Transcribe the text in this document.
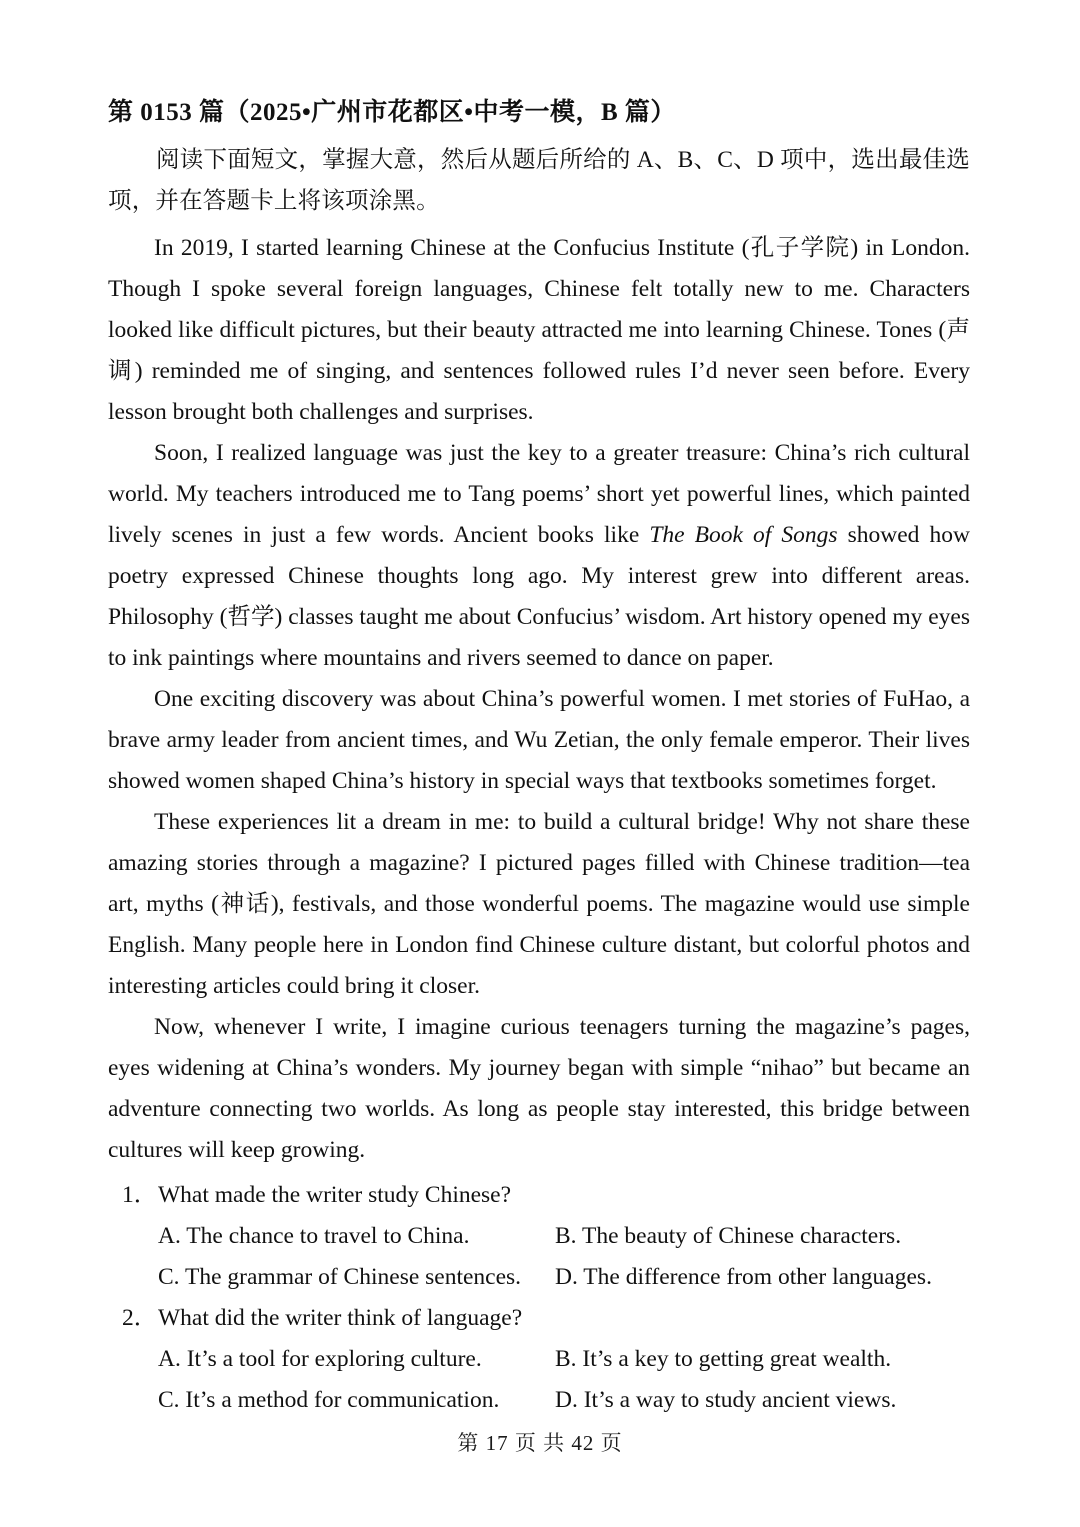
第 0153 篇（2025•广州市花都区•中考一模，B 篇）

阅读下面短文，掌握大意，然后从题后所给的 A、B、C、D 项中，选出最佳选项，并在答题卡上将该项涂黑。

In 2019, I started learning Chinese at the Confucius Institute (孔子学院) in London. Though I spoke several foreign languages, Chinese felt totally new to me. Characters looked like difficult pictures, but their beauty attracted me into learning Chinese. Tones (声调) reminded me of singing, and sentences followed rules I’d never seen before. Every lesson brought both challenges and surprises.

Soon, I realized language was just the key to a greater treasure: China’s rich cultural world. My teachers introduced me to Tang poems’ short yet powerful lines, which painted lively scenes in just a few words. Ancient books like The Book of Songs showed how poetry expressed Chinese thoughts long ago. My interest grew into different areas. Philosophy (哲学) classes taught me about Confucius’ wisdom. Art history opened my eyes to ink paintings where mountains and rivers seemed to dance on paper.

One exciting discovery was about China’s powerful women. I met stories of FuHao, a brave army leader from ancient times, and Wu Zetian, the only female emperor. Their lives showed women shaped China’s history in special ways that textbooks sometimes forget.

These experiences lit a dream in me: to build a cultural bridge! Why not share these amazing stories through a magazine? I pictured pages filled with Chinese tradition—tea art, myths (神话), festivals, and those wonderful poems. The magazine would use simple English. Many people here in London find Chinese culture distant, but colorful photos and interesting articles could bring it closer.

Now, whenever I write, I imagine curious teenagers turning the magazine’s pages, eyes widening at China’s wonders. My journey began with simple “nihao” but became an adventure connecting two worlds. As long as people stay interested, this bridge between cultures will keep growing.

1． What made the writer study Chinese?
A. The chance to travel to China.	B. The beauty of Chinese characters.
C. The grammar of Chinese sentences.	D. The difference from other languages.
2． What did the writer think of language?
A. It’s a tool for exploring culture.	B. It’s a key to getting great wealth.
C. It’s a method for communication.	D. It’s a way to study ancient views.
第 17 页 共 42 页
